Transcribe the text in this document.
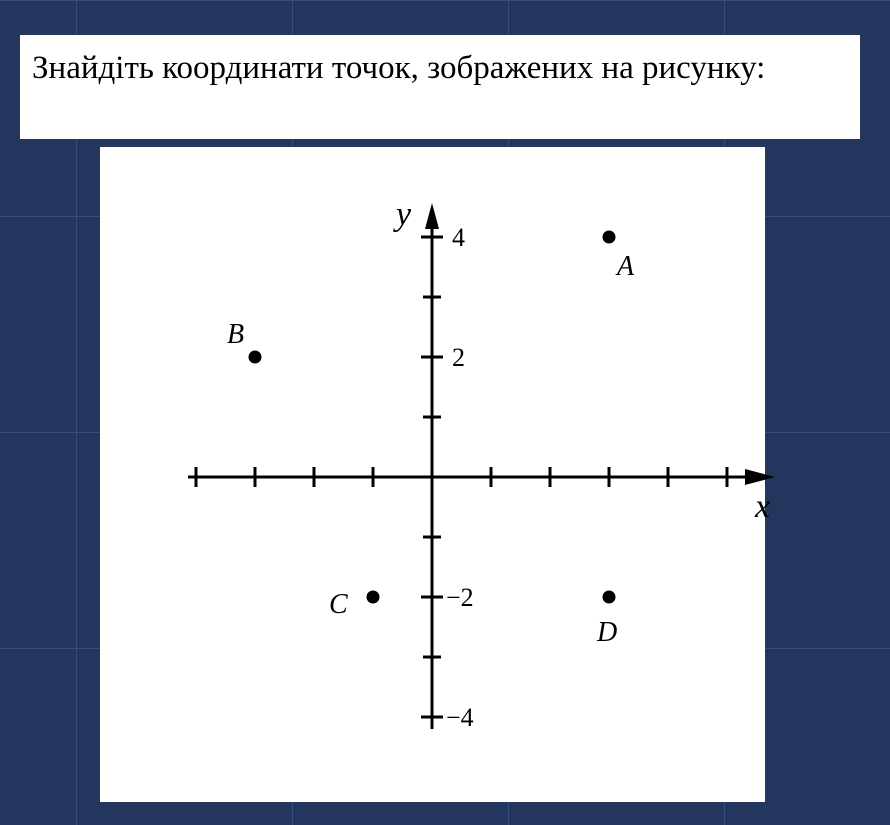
Знайдіть координати точок, зображених на рисунку:
x
y
4
2
−2
−4
A
B
C
D
